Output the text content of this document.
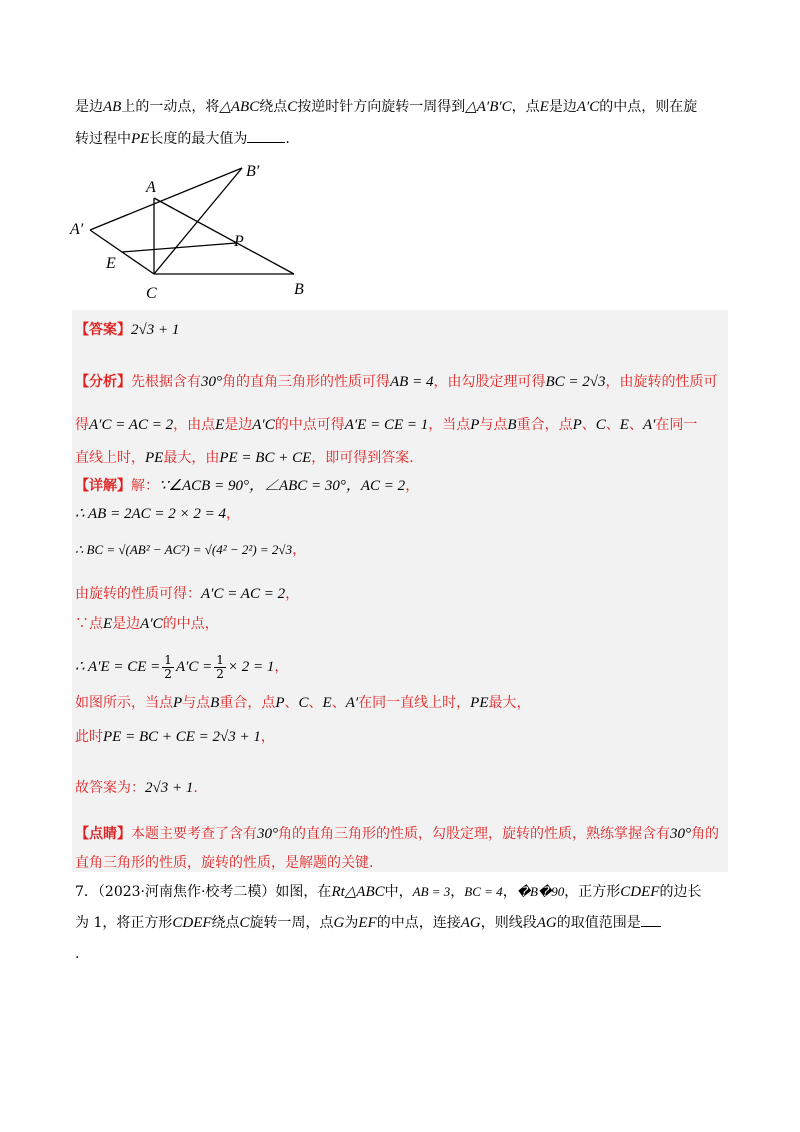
是边AB上的一动点，将△ABC绕点C按逆时针方向旋转一周得到△A′B′C，点E是边A′C的中点，则在旋
转过程中PE长度的最大值为	.
A
B
C
A′
B′
E
P
【答案】2√3 + 1
【分析】先根据含有30°角的直角三角形的性质可得AB = 4，由勾股定理可得BC = 2√3，由旋转的性质可
得A′C = AC = 2，由点E是边A′C的中点可得A′E = CE = 1，当点P与点B重合，点P、C、E、A′在同一
直线上时，PE最大，由PE = BC + CE，即可得到答案.
【详解】解：∵∠ACB = 90°，∠ABC = 30°，AC = 2，
∴ AB = 2AC = 2 × 2 = 4，
∴ BC = √(AB² − AC²) = √(4² − 2²) = 2√3，
由旋转的性质可得：A′C = AC = 2，
∵点E是边A′C的中点，
∴ A′E = CE = $\frac{1}{2} A'C = \frac{1}{2} \times 2 = 1$，
如图所示，当点P与点B重合，点P、C、E、A′在同一直线上时，PE最大，
此时PE = BC + CE = 2√3 + 1，
故答案为：2√3 + 1.
【点睛】本题主要考查了含有30°角的直角三角形的性质，勾股定理，旋转的性质，熟练掌握含有30°角的
直角三角形的性质，旋转的性质，是解题的关键.
7．（2023·河南焦作·校考二模）如图，在Rt△ABC中，AB = 3，BC = 4，�B�90，正方形CDEF的边长
为 1，将正方形CDEF绕点C旋转一周，点G为EF的中点，连接AG，则线段AG的取值范围是
.
